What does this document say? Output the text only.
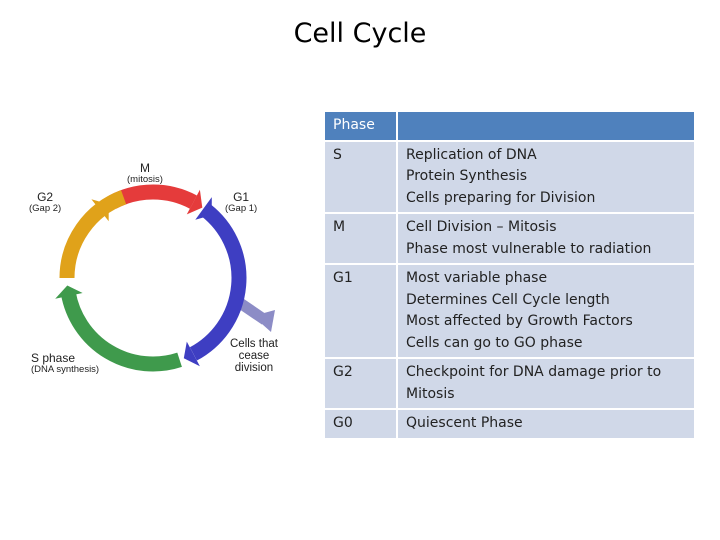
Cell Cycle
M
(mitosis)
G1
(Gap 1)
G2
(Gap 2)
S phase
(DNA synthesis)
Cells that
cease
division
Phase	
S	Replication of DNA
Protein Synthesis
Cells preparing for Division

M	Cell Division – Mitosis
Phase most vulnerable to radiation

G1	Most variable phase
Determines Cell Cycle length
Most affected by Growth Factors
Cells can go to GO phase

G2	Checkpoint for DNA damage prior to
Mitosis

G0	Quiescent Phase
